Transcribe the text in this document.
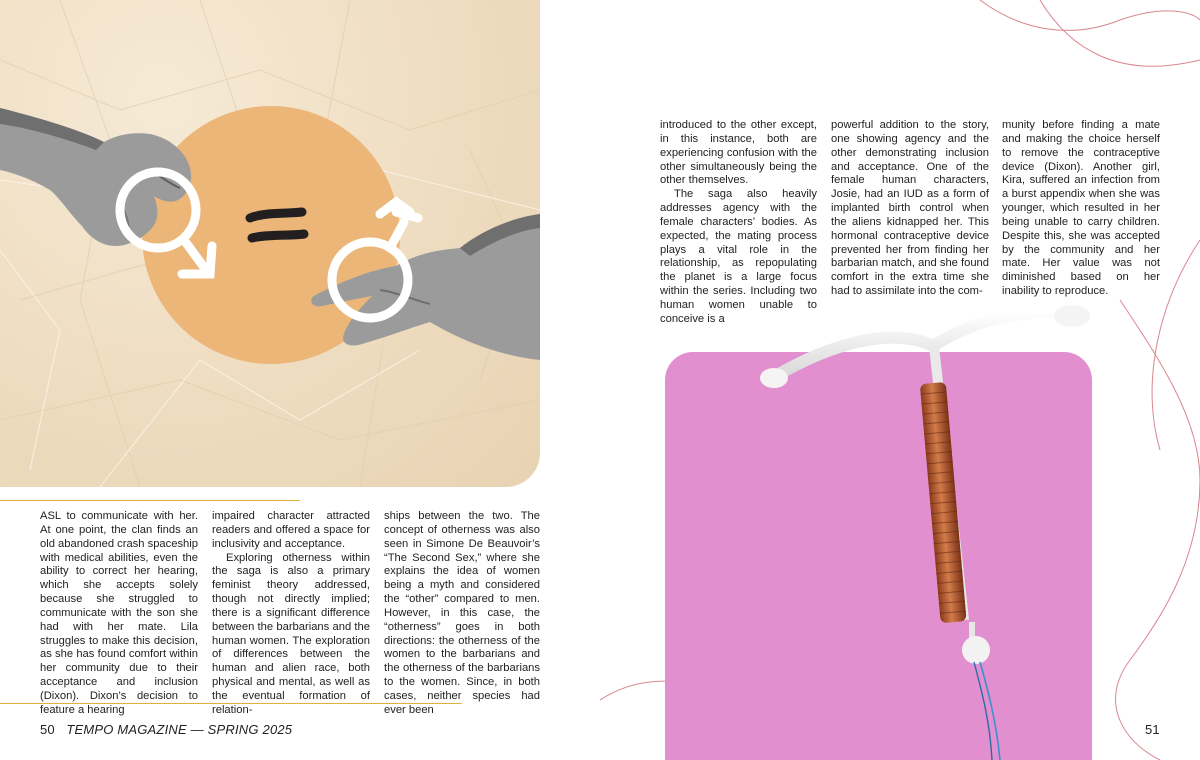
ASL to communicate with her. At one point, the clan finds an old abandoned crash spaceship with medical abilities, even the ability to correct her hearing, which she accepts solely because she struggled to communicate with the son she had with her mate. Lila struggles to make this decision, as she has found comfort within her community due to their acceptance and inclusion (Dixon). Dixon’s decision to feature a hearing

impaired character attracted readers and offered a space for inclusivity and acceptance.

Exploring otherness within the saga is also a primary feminist theory addressed, though not directly implied; there is a significant difference between the barbarians and the human women. The exploration of differences between the human and alien race, both physical and mental, as well as the eventual formation of relation-

ships between the two. The concept of otherness was also seen in Simone De Beauvoir’s “The Second Sex,” where she explains the idea of women being a myth and considered the “other” compared to men. However, in this case, the “otherness” goes in both directions: the otherness of the women to the barbarians and the otherness of the barbarians to the women. Since, in both cases, neither species had ever been

50 TEMPO MAGAZINE — SPRING 2025

introduced to the other except, in this instance, both are experiencing confusion with the other simultaneously being the other themselves.

The saga also heavily addresses agency with the female characters’ bodies. As expected, the mating process plays a vital role in the relationship, as repopulating the planet is a large focus within the series. Including two human women unable to conceive is a

powerful addition to the story, one showing agency and the other demonstrating inclusion and acceptance. One of the female human characters, Josie, had an IUD as a form of implanted birth control when the aliens kidnapped her. This hormonal contraceptive device prevented her from finding her barbarian match, and she found comfort in the extra time she had to assimilate into the com-

munity before finding a mate and making the choice herself to remove the contraceptive device (Dixon). Another girl, Kira, suffered an infection from a burst appendix when she was younger, which resulted in her being unable to carry children. Despite this, she was accepted by the community and her mate. Her value was not diminished based on her inability to reproduce.

51
